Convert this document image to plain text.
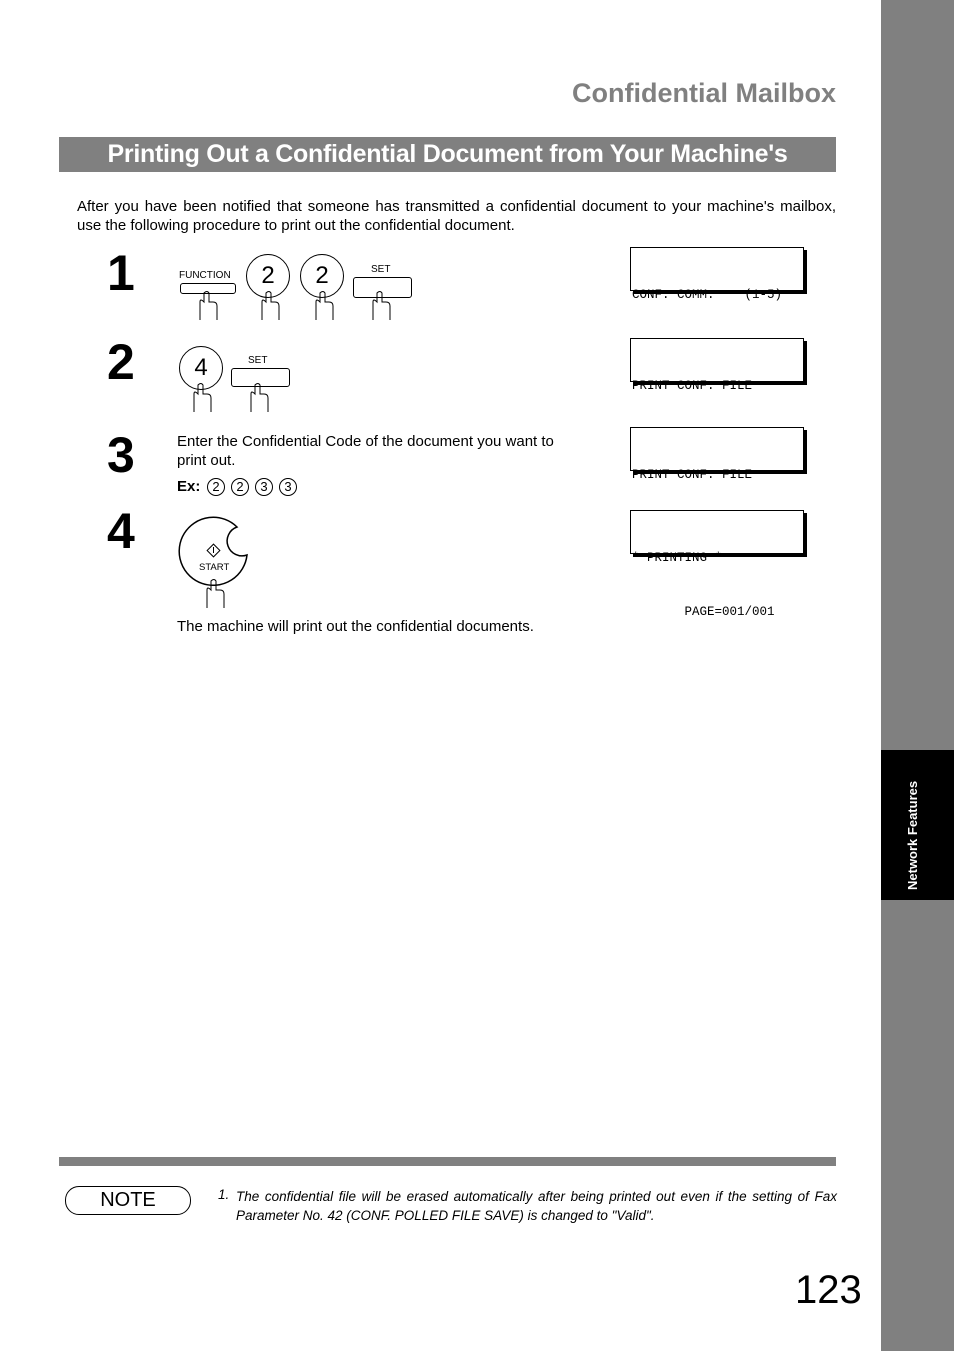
Network Features
Confidential Mailbox
Printing Out a Confidential Document from Your Machine's Mailbox
After you have been notified that someone has transmitted a confidential document to your machine's mailbox, use the following procedure to print out the confidential document.
1	FUNCTION	2	2	SET

CONF. COMM.    (1-5)

2	4	SET

PRINT CONF. FILE

3	Enter the Confidential Code of the document you want to print out.
Ex: 2	2	3	3

PRINT CONF. FILE

4
START
The machine will print out the confidential documents.

* PRINTING *

PAGE=001/001

NOTE	1. The confidential file will be erased automatically after being printed out even if the setting of Fax Parameter No. 42 (CONF. POLLED FILE SAVE) is changed to "Valid".
123
